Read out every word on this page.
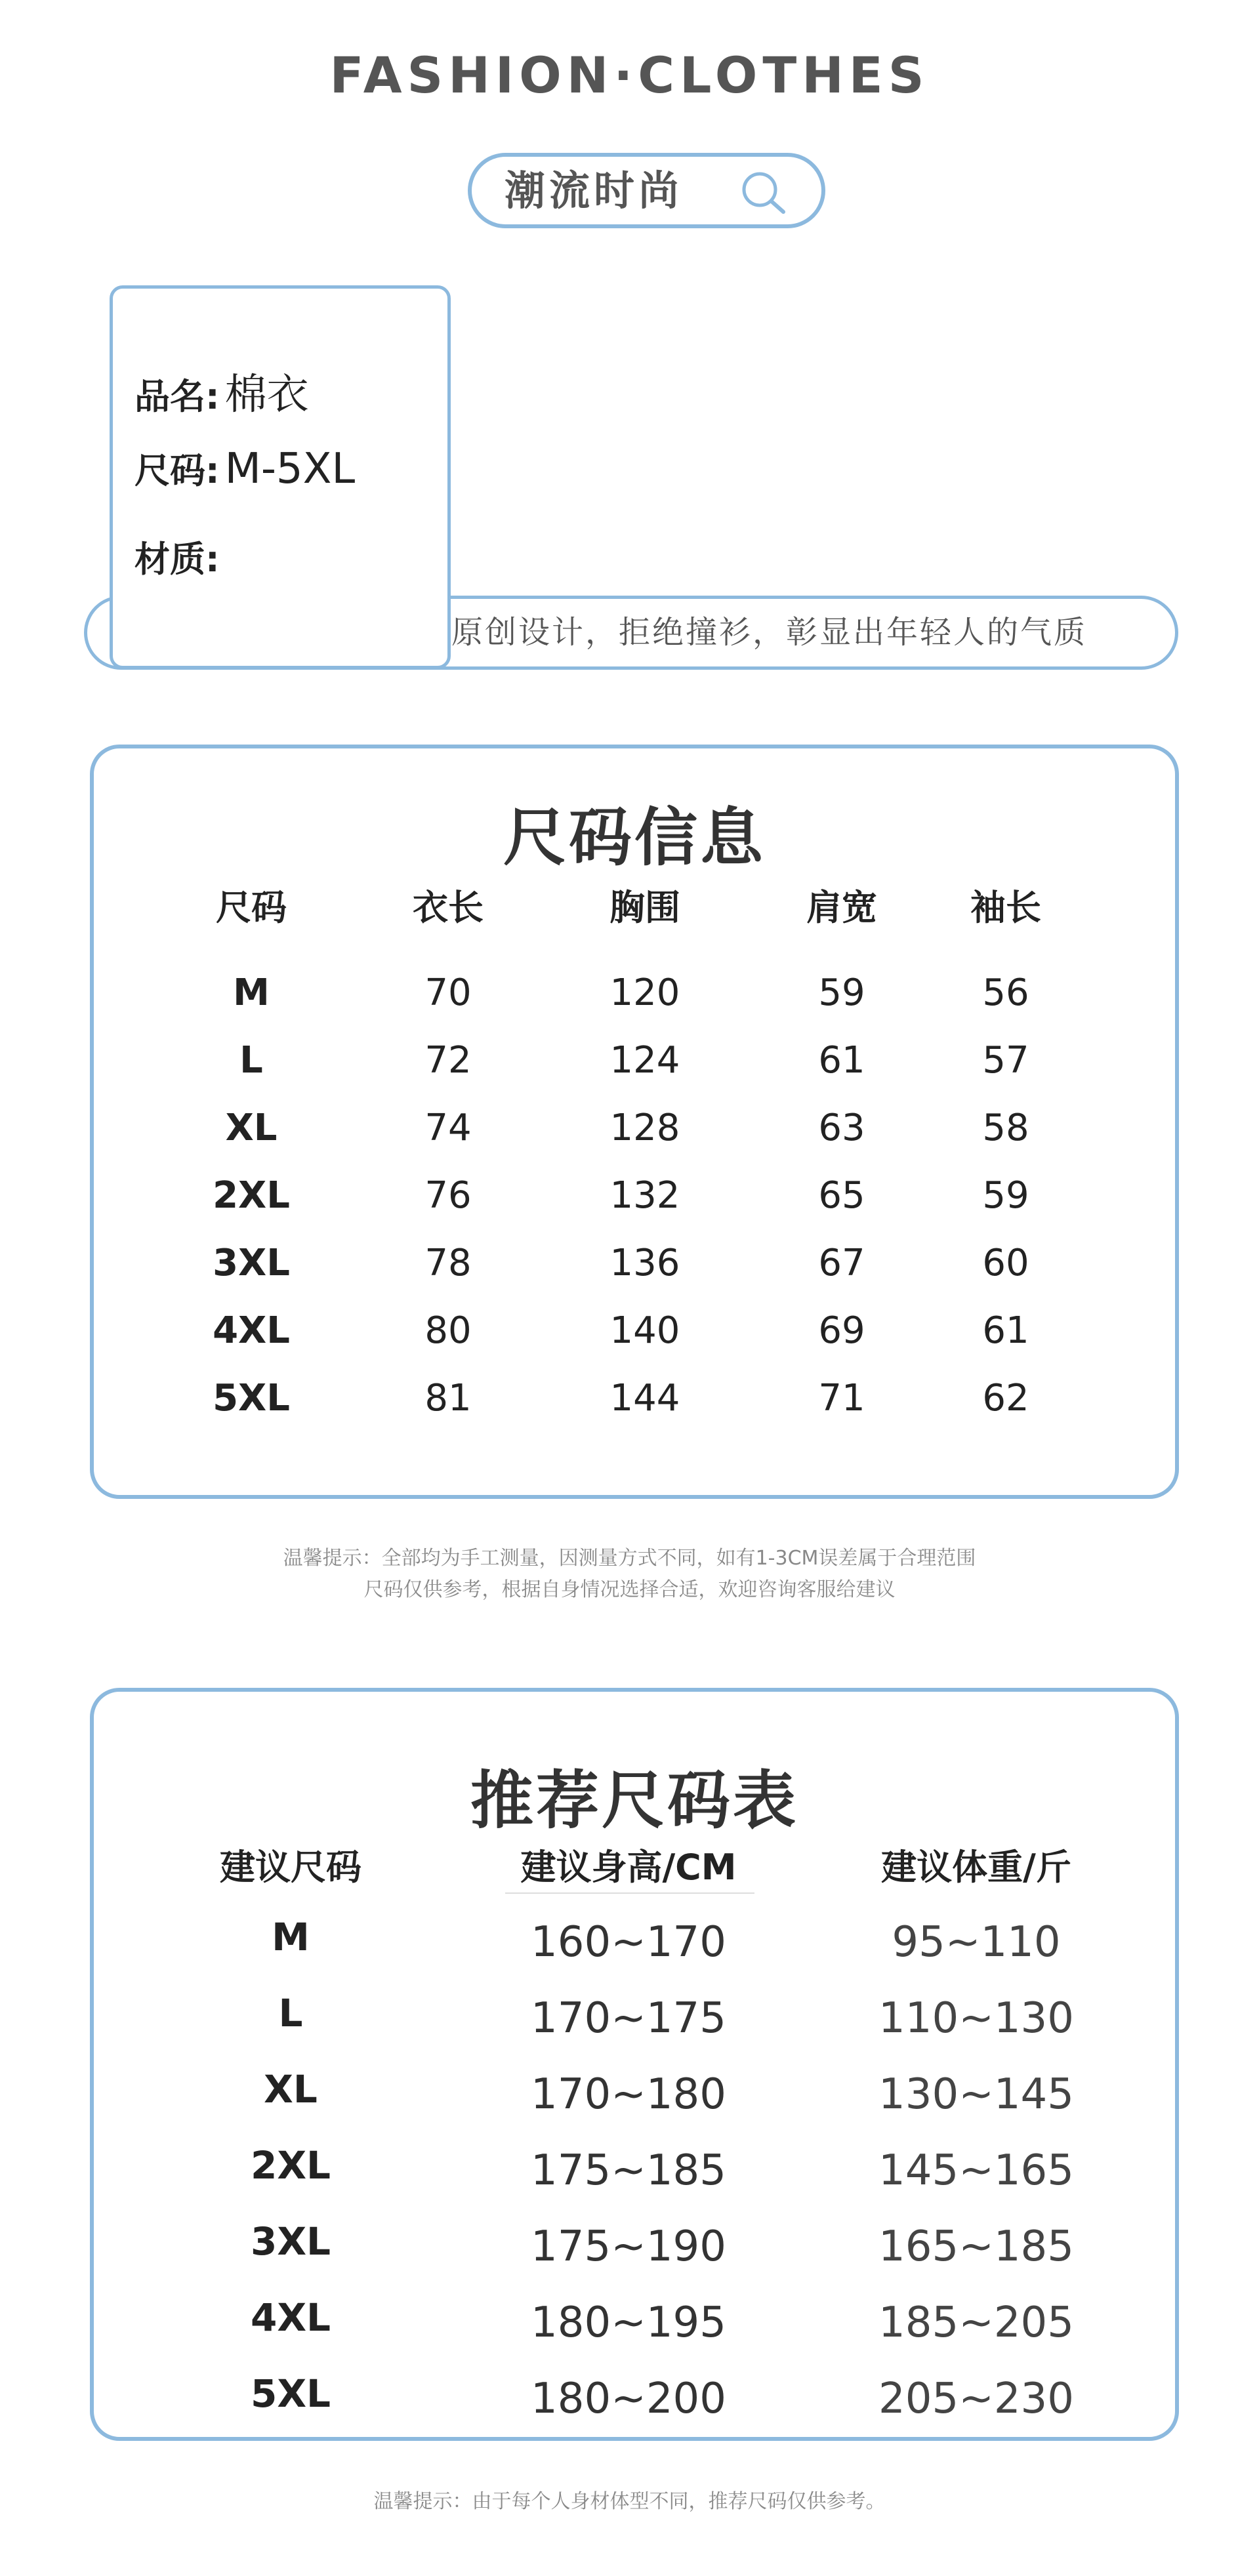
FASHION·CLOTHES
潮流时尚
原创设计，拒绝撞衫，彰显出年轻人的气质
品名: 棉衣
尺码: M-5XL
材质:
尺码信息
尺码	衣长	胸围	肩宽	袖长
M	70	120	59	56
L	72	124	61	57
XL	74	128	63	58
2XL	76	132	65	59
3XL	78	136	67	60
4XL	80	140	69	61
5XL	81	144	71	62
温馨提示：全部均为手工测量，因测量方式不同，如有1-3CM误差属于合理范围
尺码仅供参考，根据自身情况选择合适，欢迎咨询客服给建议
推荐尺码表
建议尺码	建议身高/CM	建议体重/斤
M	160~170	95~110
L	170~175	110~130
XL	170~180	130~145
2XL	175~185	145~165
3XL	175~190	165~185
4XL	180~195	185~205
5XL	180~200	205~230
温馨提示：由于每个人身材体型不同，推荐尺码仅供参考。
